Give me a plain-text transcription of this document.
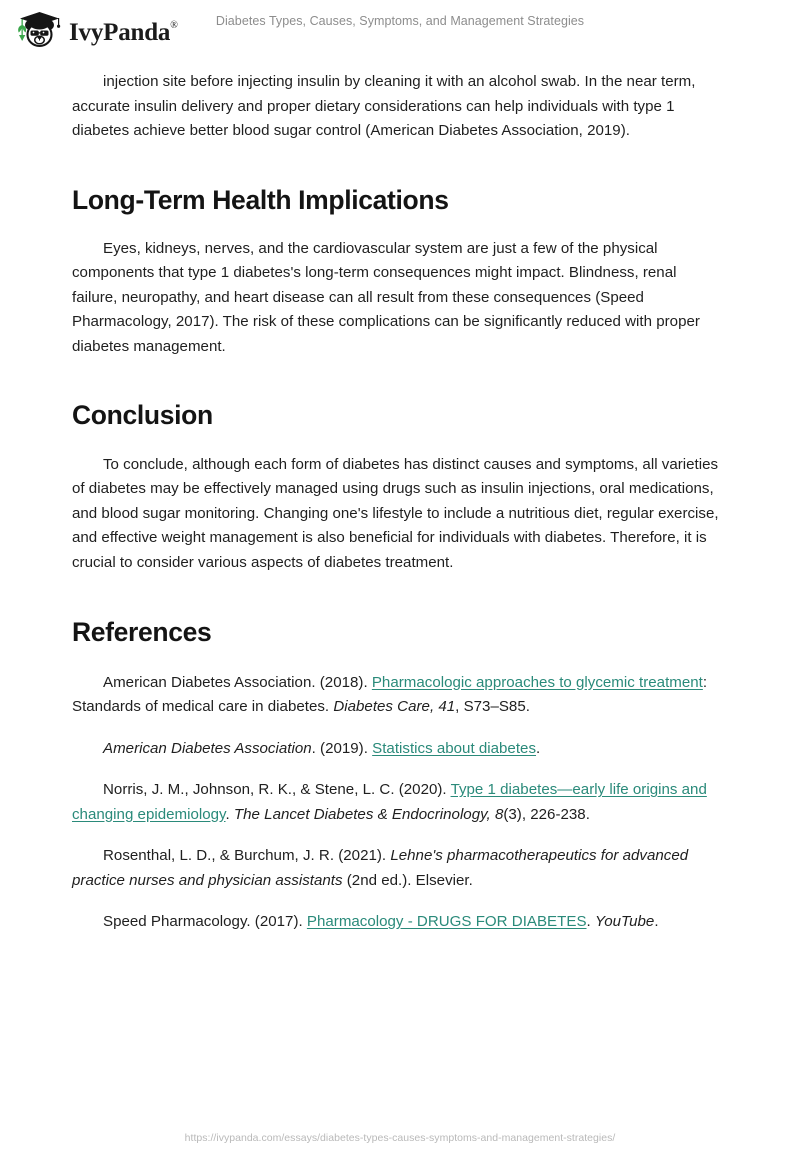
IvyPanda®	Diabetes Types, Causes, Symptoms, and Management Strategies

injection site before injecting insulin by cleaning it with an alcohol swab. In the near term, accurate insulin delivery and proper dietary considerations can help individuals with type 1 diabetes achieve better blood sugar control (American Diabetes Association, 2019).

Long-Term Health Implications

Eyes, kidneys, nerves, and the cardiovascular system are just a few of the physical components that type 1 diabetes's long-term consequences might impact. Blindness, renal failure, neuropathy, and heart disease can all result from these consequences (Speed Pharmacology, 2017). The risk of these complications can be significantly reduced with proper diabetes management.

Conclusion

To conclude, although each form of diabetes has distinct causes and symptoms, all varieties of diabetes may be effectively managed using drugs such as insulin injections, oral medications, and blood sugar monitoring. Changing one's lifestyle to include a nutritious diet, regular exercise, and effective weight management is also beneficial for individuals with diabetes. Therefore, it is crucial to consider various aspects of diabetes treatment.

References

American Diabetes Association. (2018). Pharmacologic approaches to glycemic treatment: Standards of medical care in diabetes. Diabetes Care, 41, S73–S85.

American Diabetes Association. (2019). Statistics about diabetes.

Norris, J. M., Johnson, R. K., & Stene, L. C. (2020). Type 1 diabetes—early life origins and changing epidemiology. The Lancet Diabetes & Endocrinology, 8(3), 226-238.

Rosenthal, L. D., & Burchum, J. R. (2021). Lehne's pharmacotherapeutics for advanced practice nurses and physician assistants (2nd ed.). Elsevier.

Speed Pharmacology. (2017). Pharmacology - DRUGS FOR DIABETES. YouTube.

https://ivypanda.com/essays/diabetes-types-causes-symptoms-and-management-strategies/
